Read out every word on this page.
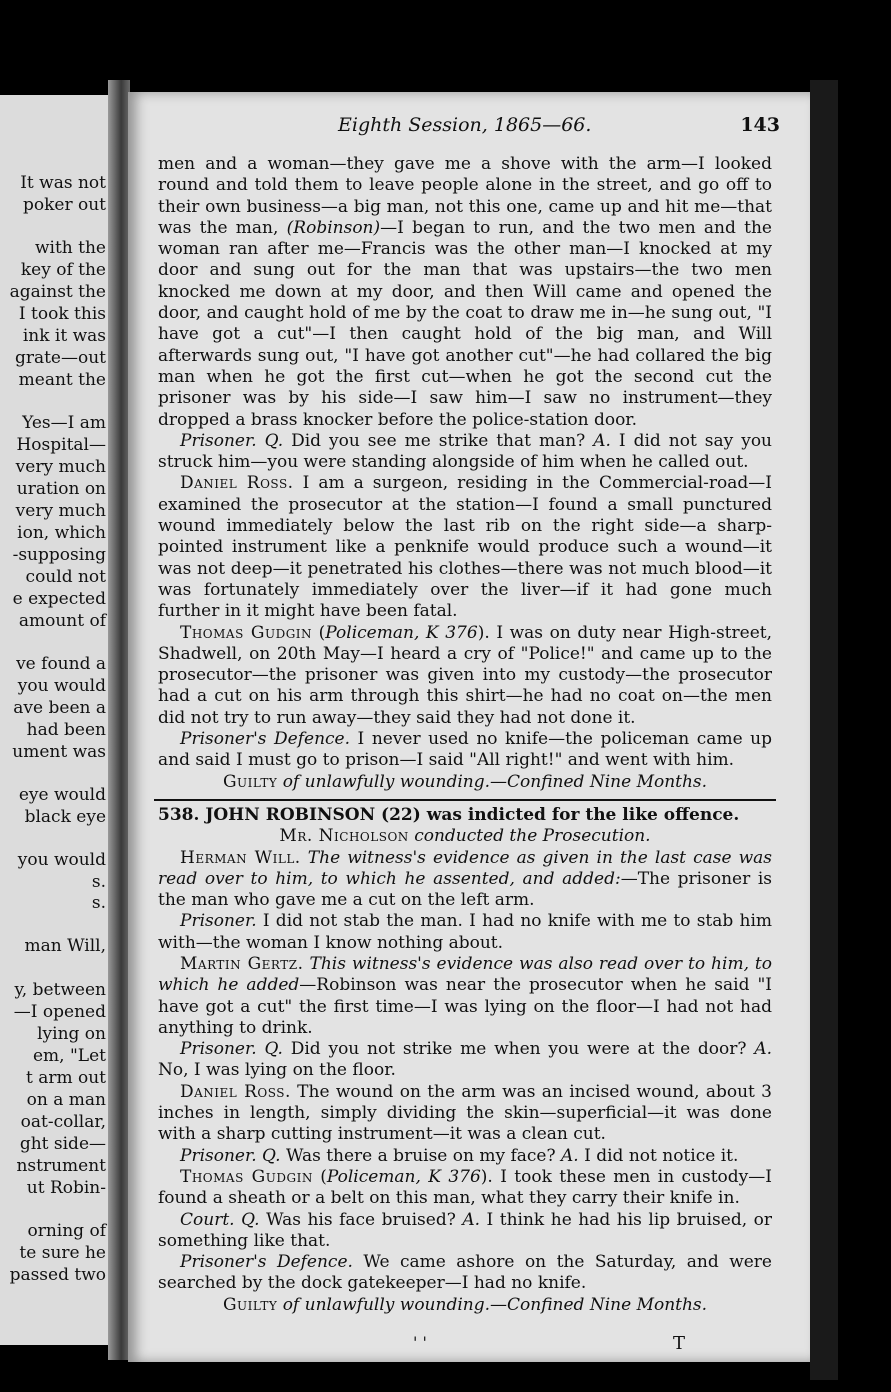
It was not
poker out
with the
key of the
against the
I took this
ink it was
grate—out
meant the
Yes—I am
Hospital—
very much
uration on
very much
ion, which
-supposing
could not
e expected
amount of
ve found a
you would
ave been a
had been
ument was
eye would
black eye
you would
s.
s.
man Will,
y, between
—I opened
lying on
em, "Let
t arm out
on a man
oat-collar,
ght side—
nstrument
ut Robin-
orning of
te sure he
passed two
Eighth Session, 1865—66.	143

men and a woman—they gave me a shove with the arm—I looked round and told them to leave people alone in the street, and go off to their own business—a big man, not this one, came up and hit me—that was the man, (Robinson)—I began to run, and the two men and the woman ran after me—Francis was the other man—I knocked at my door and sung out for the man that was upstairs—the two men knocked me down at my door, and then Will came and opened the door, and caught hold of me by the coat to draw me in—he sung out, "I have got a cut"—I then caught hold of the big man, and Will afterwards sung out, "I have got another cut"—he had collared the big man when he got the first cut—when he got the second cut the prisoner was by his side—I saw him—I saw no instrument—they dropped a brass knocker before the police-station door.

Prisoner. Q. Did you see me strike that man? A. I did not say you struck him—you were standing alongside of him when he called out.

Daniel Ross. I am a surgeon, residing in the Commercial-road—I examined the prosecutor at the station—I found a small punctured wound immediately below the last rib on the right side—a sharp-pointed instrument like a penknife would produce such a wound—it was not deep—it penetrated his clothes—there was not much blood—it was fortunately immediately over the liver—if it had gone much further in it might have been fatal.

Thomas Gudgin (Policeman, K 376). I was on duty near High-street, Shadwell, on 20th May—I heard a cry of "Police!" and came up to the prosecutor—the prisoner was given into my custody—the prosecutor had a cut on his arm through this shirt—he had no coat on—the men did not try to run away—they said they had not done it.

Prisoner's Defence. I never used no knife—the policeman came up and said I must go to prison—I said "All right!" and went with him.

Guilty of unlawfully wounding.—Confined Nine Months.

538. JOHN ROBINSON (22) was indicted for the like offence.

Mr. Nicholson conducted the Prosecution.

Herman Will. The witness's evidence as given in the last case was read over to him, to which he assented, and added:—The prisoner is the man who gave me a cut on the left arm.

Prisoner. I did not stab the man. I had no knife with me to stab him with—the woman I know nothing about.

Martin Gertz. This witness's evidence was also read over to him, to which he added—Robinson was near the prosecutor when he said "I have got a cut" the first time—I was lying on the floor—I had not had anything to drink.

Prisoner. Q. Did you not strike me when you were at the door? A. No, I was lying on the floor.

Daniel Ross. The wound on the arm was an incised wound, about 3 inches in length, simply dividing the skin—superficial—it was done with a sharp cutting instrument—it was a clean cut.

Prisoner. Q. Was there a bruise on my face? A. I did not notice it.

Thomas Gudgin (Policeman, K 376). I took these men in custody—I found a sheath or a belt on this man, what they carry their knife in.

Court. Q. Was his face bruised? A. I think he had his lip bruised, or something like that.

Prisoner's Defence. We came ashore on the Saturday, and were searched by the dock gatekeeper—I had no knife.

Guilty of unlawfully wounding.—Confined Nine Months.

' '	T
